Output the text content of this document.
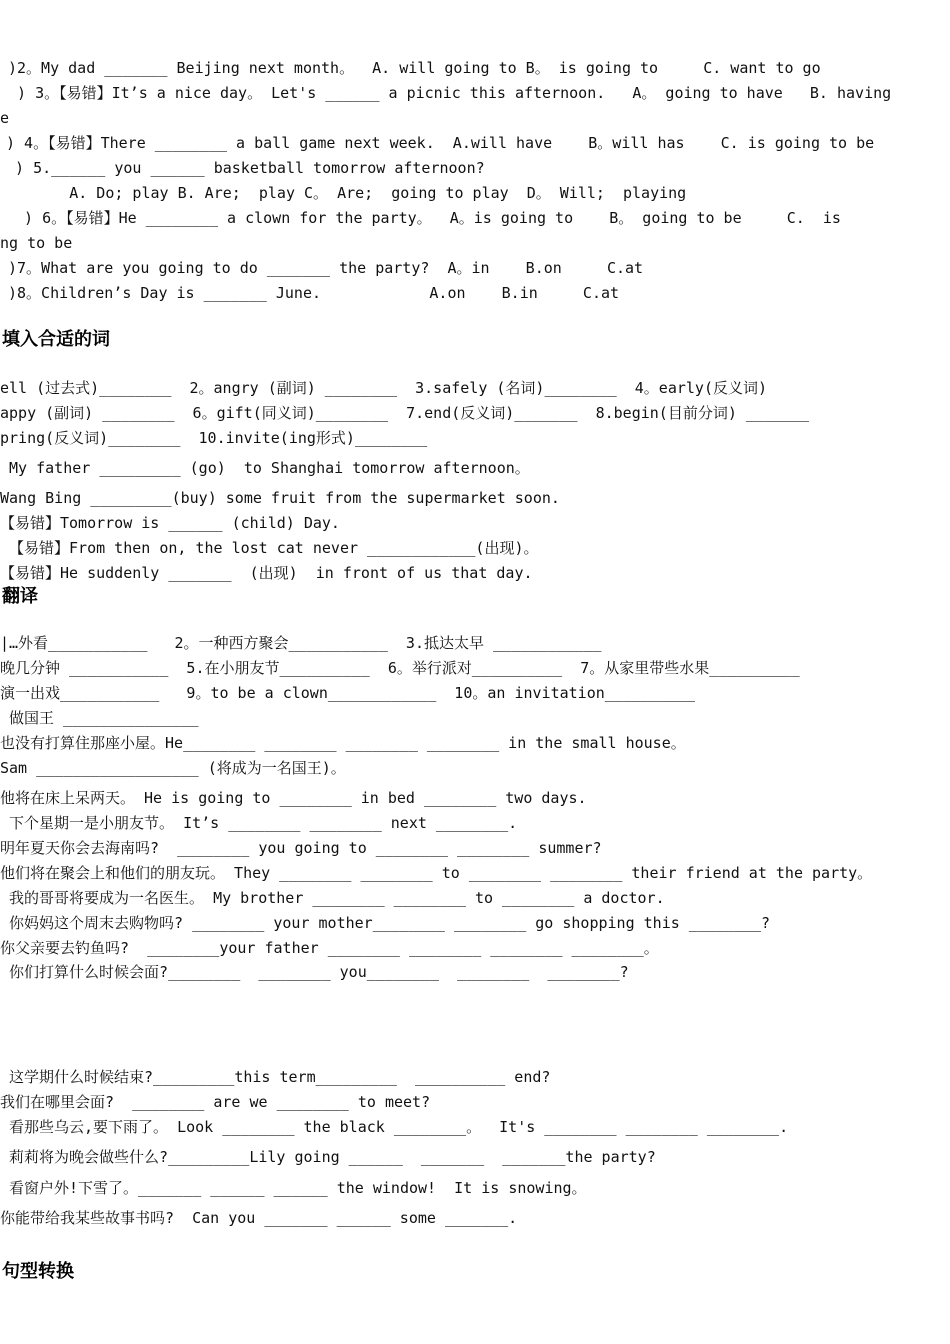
)2。My dad _______ Beijing next month。  A. will going to B。 is going to     C. want to go
) 3。【易错】It’s a nice day。 Let's ______ a picnic this afternoon.   A。 going to have   B. having
e
) 4。【易错】There ________ a ball game next week.  A.will have    B。will has    C. is going to be
) 5.______ you ______ basketball tomorrow afternoon?
A. Do; play B. Are;  play C。 Are;  going to play  D。 Will;  playing
) 6。【易错】He ________ a clown for the party。  A。is going to    B。 going to be     C.  is
ng to be
)7。What are you going to do _______ the party?  A。in    B.on     C.at
)8。Children’s Day is _______ June.            A.on    B.in     C.at
填入合适的词
ell (过去式)________  2。angry (副词) ________  3.safely (名词)________  4。early(反义词)
appy (副词) ________  6。gift(同义词)________  7.end(反义词)_______  8.begin(目前分词) _______
pring(反义词)________  10.invite(ing形式)________
My father _________ (go)  to Shanghai tomorrow afternoon。
Wang Bing _________(buy) some fruit from the supermarket soon.
【易错】Tomorrow is ______ (child) Day.
【易错】From then on, the lost cat never ____________(出现)。
【易错】He suddenly _______  (出现)  in front of us that day.
翻译
|…外看___________   2。一种西方聚会___________  3.抵达太早 ____________
晚几分钟 ___________  5.在小朋友节__________  6。举行派对__________  7。从家里带些水果__________
演一出戏___________   9。to be a clown____________  10。an invitation__________
做国王 _______________
也没有打算住那座小屋。He________ ________ ________ ________ in the small house。
Sam __________________ (将成为一名国王)。
他将在床上呆两天。 He is going to ________ in bed ________ two days.
下个星期一是小朋友节。 It’s ________ ________ next ________.
明年夏天你会去海南吗?  ________ you going to ________ ________ summer?
他们将在聚会上和他们的朋友玩。 They ________ ________ to ________ ________ their friend at the party。
我的哥哥将要成为一名医生。 My brother ________ ________ to ________ a doctor.
你妈妈这个周末去购物吗? ________ your mother________ ________ go shopping this ________?
你父亲要去钓鱼吗?  ________your father ________ ________ ________ ________。
你们打算什么时候会面?________  ________ you________  ________  ________?
这学期什么时候结束?_________this term_________  __________ end?
我们在哪里会面?  ________ are we ________ to meet?
看那些乌云,要下雨了。 Look ________ the black ________。  It's ________ ________ ________.
莉莉将为晚会做些什么?_________Lily going ______  _______  _______the party?
看窗户外!下雪了。_______ ______ ______ the window!  It is snowing。
你能带给我某些故事书吗?  Can you _______ ______ some _______.
句型转换
